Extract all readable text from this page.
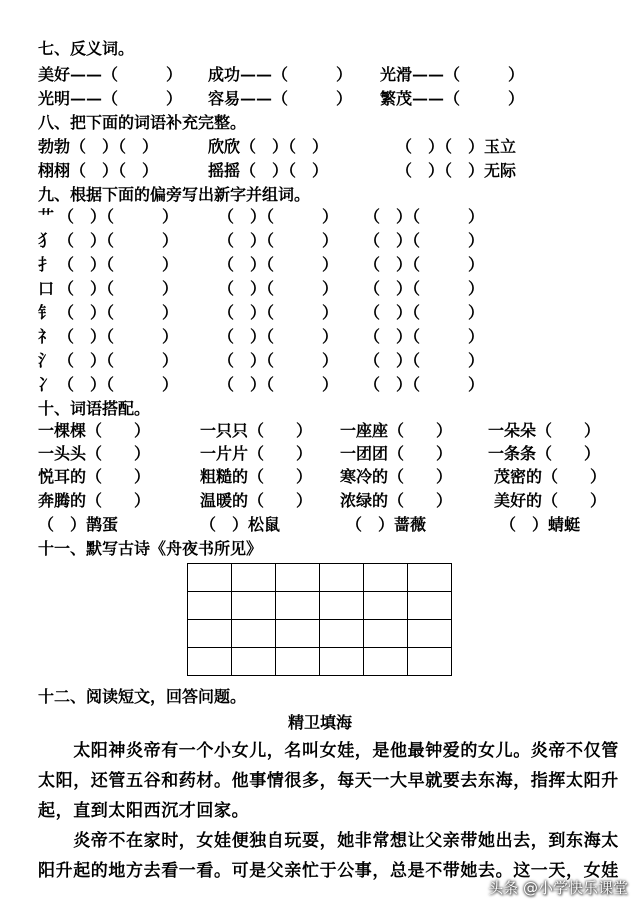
七、反义词。
美好——（　　　） 成功——（　　　） 光滑——（　　　）
光明——（　　　） 容易——（　　　） 繁茂——（　　　）
八、把下面的词语补充完整。
勃勃（　）（　）	欣欣（　）（　）	（　）（　）玉立
栩栩（　）（　）	摇摇（　）（　）	（　）（　）无际
九、根据下面的偏旁写出新字并组词。
艹 （　）（　　　） （　）（　　　） （　）（　　　）
犭 （　）（　　　） （　）（　　　） （　）（　　　）
扌 （　）（　　　） （　）（　　　） （　）（　　　）
口 （　）（　　　） （　）（　　　） （　）（　　　）
钅 （　）（　　　） （　）（　　　） （　）（　　　）
礻 （　）（　　　） （　）（　　　） （　）（　　　）
氵 （　）（　　　） （　）（　　　） （　）（　　　）
冫 （　）（　　　） （　）（　　　） （　）（　　　）
十、词语搭配。
一棵棵（　　）	一只只（　　） 一座座（　　） 一朵朵（　　）
一头头（　　）	一片片（　　） 一团团（　　） 一条条（　　）
悦耳的（　　）	粗糙的（　　） 寒冷的（　　）	茂密的（　　）
奔腾的（　　）	温暖的（　　） 浓绿的（　　）	美好的（　　）
（　）鹊蛋	（　）松鼠	（　）蔷薇	（　）蜻蜓
十一、默写古诗《舟夜书所见》

十二、阅读短文，回答问题。
精卫填海

　　太阳神炎帝有一个小女儿，名叫女娃，是他最钟爱的女儿。炎帝不仅管

太阳，还管五谷和药材。他事情很多，每天一大早就要去东海，指挥太阳升

起，直到太阳西沉才回家。

　　炎帝不在家时，女娃便独自玩耍，她非常想让父亲带她出去，到东海太

阳升起的地方去看一看。可是父亲忙于公事，总是不带她去。这一天，女娃

头条 @小学快乐课堂
